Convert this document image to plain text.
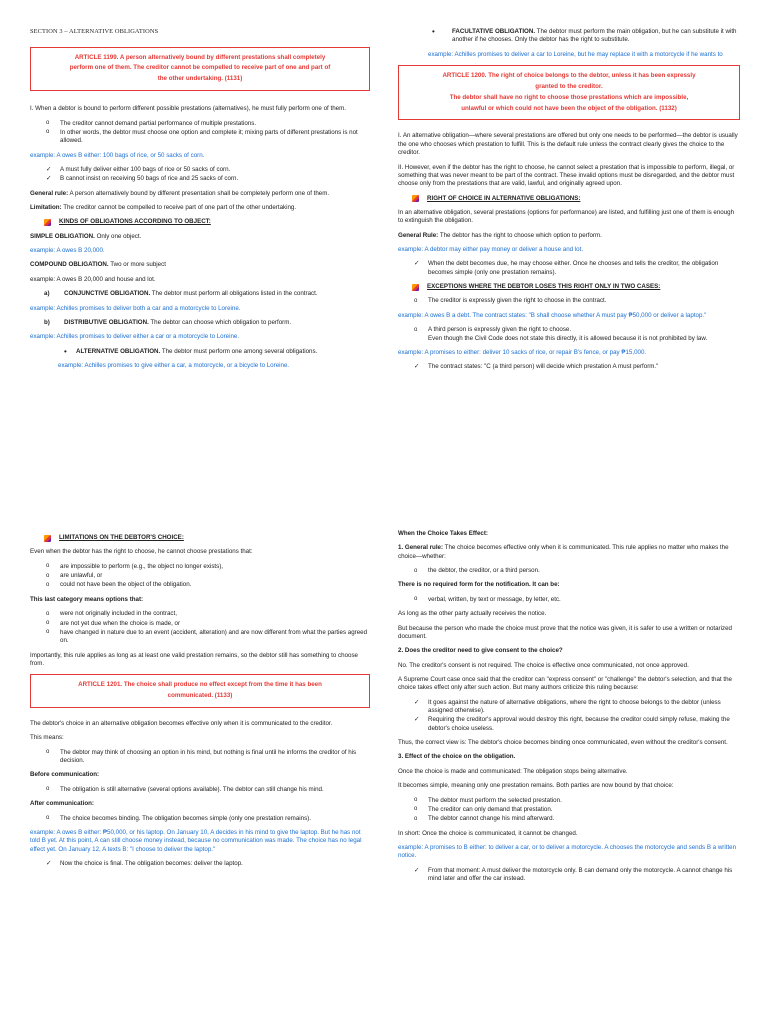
SECTION 3 – ALTERNATIVE OBLIGATIONS
ARTICLE 1199. A person alternatively bound by different prestations shall completely
perform one of them. The creditor cannot be compelled to receive part of one and part of
the other undertaking. (1131)

I. When a debtor is bound to perform different possible prestations (alternatives), he must fully perform one of them.

o The creditor cannot demand partial performance of multiple prestations.
o In other words, the debtor must choose one option and complete it; mixing parts of different prestations is not allowed.

example: A owes B either: 100 bags of rice, or 50 sacks of corn.

✓ A must fully deliver either 100 bags of rice or 50 sacks of corn.
✓ B cannot insist on receiving 50 bags of rice and 25 sacks of corn.

General rule: A person alternatively bound by different presentation shall be completely perform one of them.

Limitation: The creditor cannot be compelled to receive part of one part of the other undertaking.

KINDS OF OBLIGATIONS ACCORDING TO OBJECT:

SIMPLE OBLIGATION. Only one object.

example: A owes B 20,000.

COMPOUND OBLIGATION. Two or more subject

example: A owes B 20,000 and house and lot.

a) CONJUNCTIVE OBLIGATION. The debtor must perform all obligations listed in the contract.

example: Achilles promises to deliver both a car and a motorcycle to Loreine.

b) DISTRIBUTIVE OBLIGATION. The debtor can choose which obligation to perform.

example: Achilles promises to deliver either a car or a motorcycle to Loreine.

• ALTERNATIVE OBLIGATION. The debtor must perform one among several obligations.

example: Achilles promises to give either a car, a motorcycle, or a bicycle to Loreine.

• FACULTATIVE OBLIGATION. The debtor must perform the main obligation, but he can substitute it with another if he chooses. Only the debtor has the right to substitute.

example: Achilles promises to deliver a car to Loreine, but he may replace it with a motorcycle if he wants to

ARTICLE 1200. The right of choice belongs to the debtor, unless it has been expressly
granted to the creditor.
The debtor shall have no right to choose those prestations which are impossible,
unlawful or which could not have been the object of the obligation. (1132)

I. An alternative obligation—where several prestations are offered but only one needs to be performed—the debtor is usually the one who chooses which prestation to fulfill. This is the default rule unless the contract clearly gives the choice to the creditor.

II. However, even if the debtor has the right to choose, he cannot select a prestation that is impossible to perform, illegal, or something that was never meant to be part of the contract. These invalid options must be disregarded, and the debtor must choose only from the prestations that are valid, lawful, and originally agreed upon.

RIGHT OF CHOICE IN ALTERNATIVE OBLIGATIONS:

In an alternative obligation, several prestations (options for performance) are listed, and fulfilling just one of them is enough to extinguish the obligation.

General Rule: The debtor has the right to choose which option to perform.

example: A debtor may either pay money or deliver a house and lot.

✓ When the debt becomes due, he may choose either. Once he chooses and tells the creditor, the obligation becomes simple (only one prestation remains).
EXCEPTIONS WHERE THE DEBTOR LOSES THIS RIGHT ONLY IN TWO CASES:
o The creditor is expressly given the right to choose in the contract.

example: A owes B a debt. The contract states: "B shall choose whether A must pay ₱50,000 or deliver a laptop."

o A third person is expressly given the right to choose.
Even though the Civil Code does not state this directly, it is allowed because it is not prohibited by law.

example: A promises to either: deliver 10 sacks of rice, or repair B's fence, or pay ₱15,000.

✓ The contract states: "C (a third person) will decide which prestation A must perform."
LIMITATIONS ON THE DEBTOR'S CHOICE:

Even when the debtor has the right to choose, he cannot choose prestations that:

o are impossible to perform (e.g., the object no longer exists),
o are unlawful, or
o could not have been the object of the obligation.

This last category means options that:

o were not originally included in the contract,
o are not yet due when the choice is made, or
o have changed in nature due to an event (accident, alteration) and are now different from what the parties agreed on.

Importantly, this rule applies as long as at least one valid prestation remains, so the debtor still has something to choose from.

ARTICLE 1201. The choice shall produce no effect except from the time it has been
communicated. (1133)

The debtor's choice in an alternative obligation becomes effective only when it is communicated to the creditor.

This means:

o The debtor may think of choosing an option in his mind, but nothing is final until he informs the creditor of his decision.

Before communication:

o The obligation is still alternative (several options available). The debtor can still change his mind.

After communication:

o The choice becomes binding. The obligation becomes simple (only one prestation remains).

example: A owes B either: ₱50,000, or his laptop. On January 10, A decides in his mind to give the laptop. But he has not told B yet. At this point, A can still choose money instead, because no communication was made. The choice has no legal effect yet. On January 12, A texts B: "I choose to deliver the laptop."

✓ Now the choice is final. The obligation becomes: deliver the laptop.

When the Choice Takes Effect:

1. General rule: The choice becomes effective only when it is communicated. This rule applies no matter who makes the choice—whether:

o the debtor, the creditor, or a third person.

There is no required form for the notification. It can be:

o verbal, written, by text or message, by letter, etc.

As long as the other party actually receives the notice.

But because the person who made the choice must prove that the notice was given, it is safer to use a written or notarized document.

2. Does the creditor need to give consent to the choice?

No. The creditor's consent is not required. The choice is effective once communicated, not once approved.

A Supreme Court case once said that the creditor can "express consent" or "challenge" the debtor's selection, and that the choice takes effect only after such action. But many authors criticize this ruling because:

✓ It goes against the nature of alternative obligations, where the right to choose belongs to the debtor (unless assigned otherwise).
✓ Requiring the creditor's approval would destroy this right, because the creditor could simply refuse, making the debtor's choice useless.

Thus, the correct view is: The debtor's choice becomes binding once communicated, even without the creditor's consent.

3. Effect of the choice on the obligation.

Once the choice is made and communicated: The obligation stops being alternative.

It becomes simple, meaning only one prestation remains. Both parties are now bound by that choice:

o The debtor must perform the selected prestation.
o The creditor can only demand that prestation.
o The debtor cannot change his mind afterward.

In short: Once the choice is communicated, it cannot be changed.

example: A promises to B either: to deliver a car, or to deliver a motorcycle. A chooses the motorcycle and sends B a written notice.

✓ From that moment: A must deliver the motorcycle only. B can demand only the motorcycle. A cannot change his mind later and offer the car instead.
